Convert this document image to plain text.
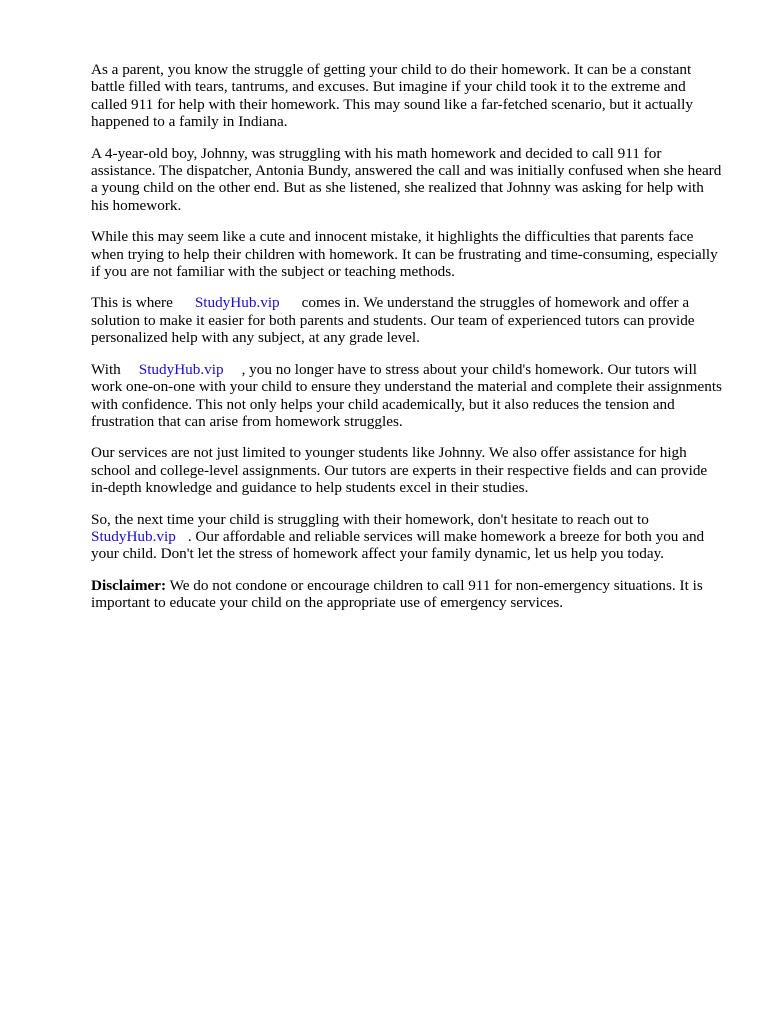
As a parent, you know the struggle of getting your child to do their homework. It can be a constant battle filled with tears, tantrums, and excuses. But imagine if your child took it to the extreme and called 911 for help with their homework. This may sound like a far-fetched scenario, but it actually happened to a family in Indiana.

A 4-year-old boy, Johnny, was struggling with his math homework and decided to call 911 for assistance. The dispatcher, Antonia Bundy, answered the call and was initially confused when she heard a young child on the other end. But as she listened, she realized that Johnny was asking for help with his homework.

While this may seem like a cute and innocent mistake, it highlights the difficulties that parents face when trying to help their children with homework. It can be frustrating and time-consuming, especially if you are not familiar with the subject or teaching methods.

This is where StudyHub.vip comes in. We understand the struggles of homework and offer a solution to make it easier for both parents and students. Our team of experienced tutors can provide personalized help with any subject, at any grade level.

With StudyHub.vip , you no longer have to stress about your child's homework. Our tutors will work one-on-one with your child to ensure they understand the material and complete their assignments with confidence. This not only helps your child academically, but it also reduces the tension and frustration that can arise from homework struggles.

Our services are not just limited to younger students like Johnny. We also offer assistance for high school and college-level assignments. Our tutors are experts in their respective fields and can provide in-depth knowledge and guidance to help students excel in their studies.

So, the next time your child is struggling with their homework, don't hesitate to reach out to StudyHub.vip . Our affordable and reliable services will make homework a breeze for both you and your child. Don't let the stress of homework affect your family dynamic, let us help you today.

Disclaimer: We do not condone or encourage children to call 911 for non-emergency situations. It is important to educate your child on the appropriate use of emergency services.
